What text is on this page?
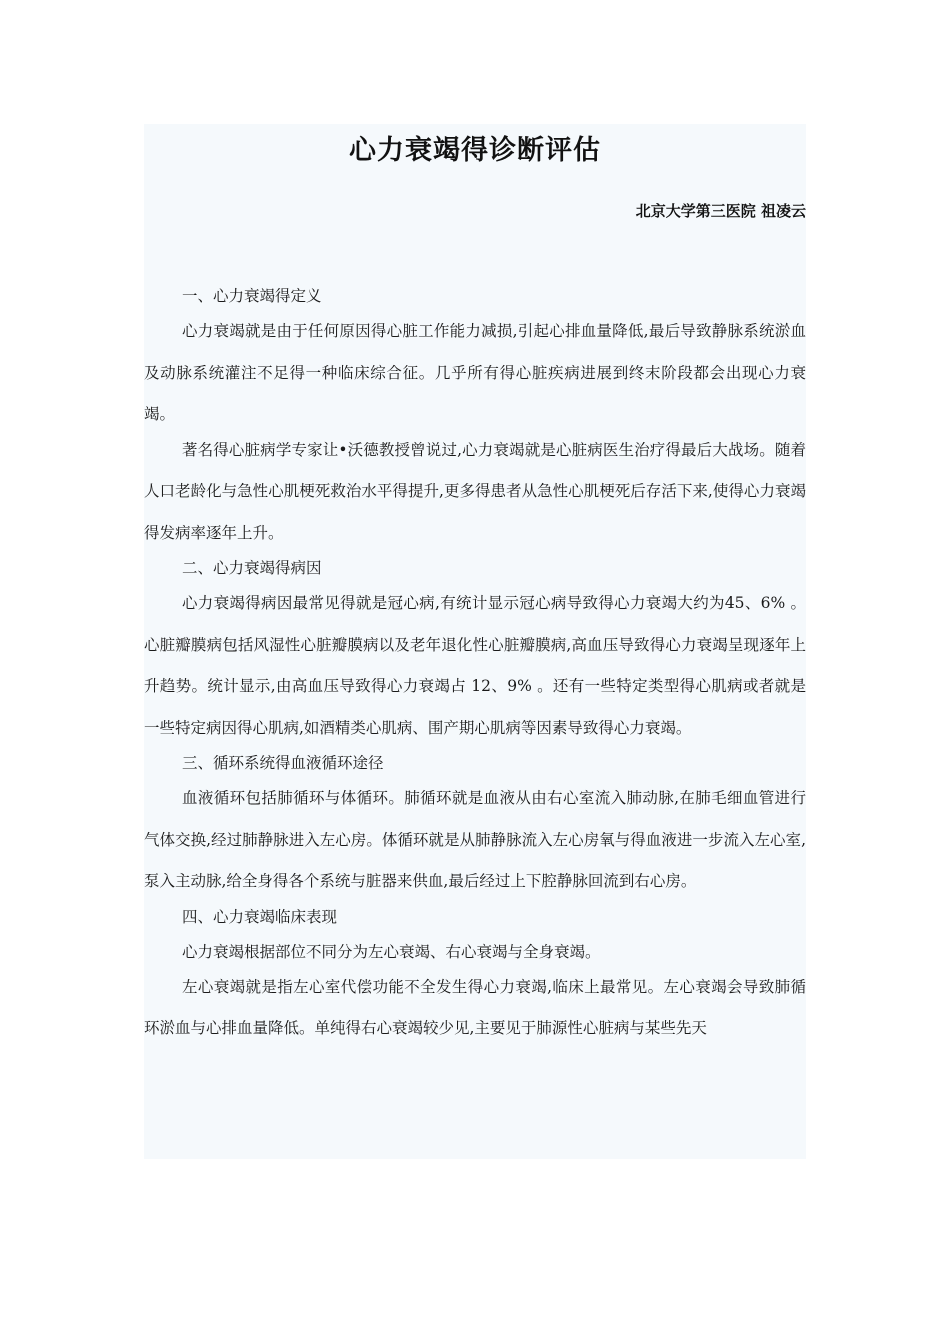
心力衰竭得诊断评估
北京大学第三医院 祖凌云

一、心力衰竭得定义

心力衰竭就是由于任何原因得心脏工作能力减损,引起心排血量降低,最后导致静脉系统淤血及动脉系统灌注不足得一种临床综合征。几乎所有得心脏疾病进展到终末阶段都会出现心力衰竭。

著名得心脏病学专家让•沃德教授曾说过,心力衰竭就是心脏病医生治疗得最后大战场。随着人口老龄化与急性心肌梗死救治水平得提升,更多得患者从急性心肌梗死后存活下来,使得心力衰竭得发病率逐年上升。

二、心力衰竭得病因

心力衰竭得病因最常见得就是冠心病,有统计显示冠心病导致得心力衰竭大约为45、6% 。心脏瓣膜病包括风湿性心脏瓣膜病以及老年退化性心脏瓣膜病,高血压导致得心力衰竭呈现逐年上升趋势。统计显示,由高血压导致得心力衰竭占 12、9% 。还有一些特定类型得心肌病或者就是一些特定病因得心肌病,如酒精类心肌病、围产期心肌病等因素导致得心力衰竭。

三、循环系统得血液循环途径

血液循环包括肺循环与体循环。肺循环就是血液从由右心室流入肺动脉,在肺毛细血管进行气体交换,经过肺静脉进入左心房。体循环就是从肺静脉流入左心房氧与得血液进一步流入左心室,泵入主动脉,给全身得各个系统与脏器来供血,最后经过上下腔静脉回流到右心房。

四、心力衰竭临床表现

心力衰竭根据部位不同分为左心衰竭、右心衰竭与全身衰竭。

左心衰竭就是指左心室代偿功能不全发生得心力衰竭,临床上最常见。左心衰竭会导致肺循环淤血与心排血量降低。单纯得右心衰竭较少见,主要见于肺源性心脏病与某些先天
